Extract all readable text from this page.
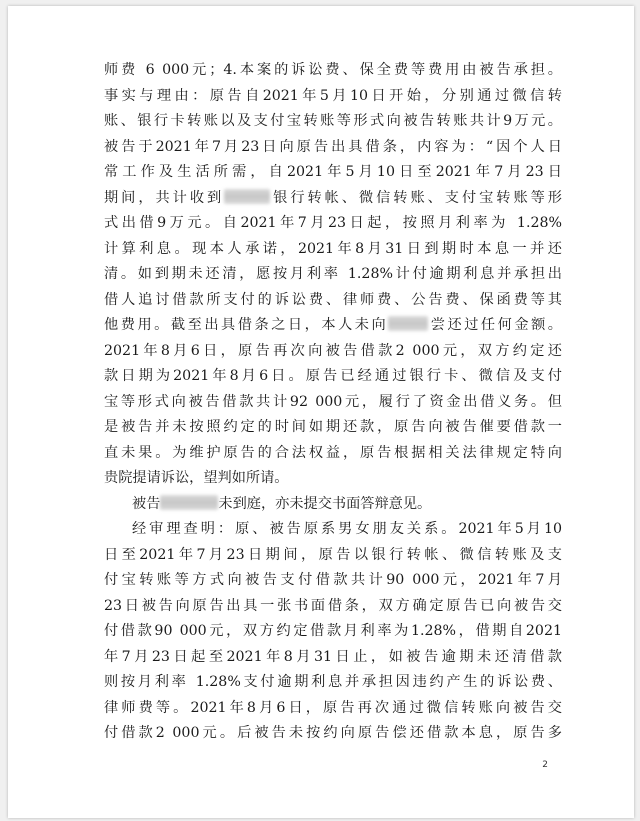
师费 6 000元；4.本案的诉讼费、保全费等费用由被告承担。
事实与理由：原告自2021年5月10日开始，分别通过微信转
账、银行卡转账以及支付宝转账等形式向被告转账共计9万元。
被告于2021年7月23日向原告出具借条，内容为：“因个人日
常工作及生活所需，自2021年5月10日至2021年7月23日
期间，共计收到	银行转帐、微信转账、支付宝转账等形
式出借9万元。自2021年7月23日起，按照月利率为 1.28%
计算利息。现本人承诺，2021年8月31日到期时本息一并还
清。如到期未还清，愿按月利率 1.28%计付逾期利息并承担出
借人追讨借款所支付的诉讼费、律师费、公告费、保函费等其
他费用。截至出具借条之日，本人未向	尝还过任何金额。
2021年8月6日，原告再次向被告借款2 000元，双方约定还
款日期为2021年8月6日。原告已经通过银行卡、微信及支付
宝等形式向被告借款共计92 000元，履行了资金出借义务。但
是被告并未按照约定的时间如期还款，原告向被告催要借款一
直未果。为维护原告的合法权益，原告根据相关法律规定特向
贵院提请诉讼，望判如所请。
被告	未到庭，亦未提交书面答辩意见。
经审理查明：原、被告原系男女朋友关系。2021年5月10
日至2021年7月23日期间，原告以银行转帐、微信转账及支
付宝转账等方式向被告支付借款共计90 000元，2021年7月
23日被告向原告出具一张书面借条，双方确定原告已向被告交
付借款90 000元，双方约定借款月利率为1.28%，借期自2021
年7月23日起至2021年8月31日止，如被告逾期未还清借款
则按月利率 1.28%支付逾期利息并承担因违约产生的诉讼费、
律师费等。2021年8月6日，原告再次通过微信转账向被告交
付借款2 000元。后被告未按约向原告偿还借款本息，原告多
2
